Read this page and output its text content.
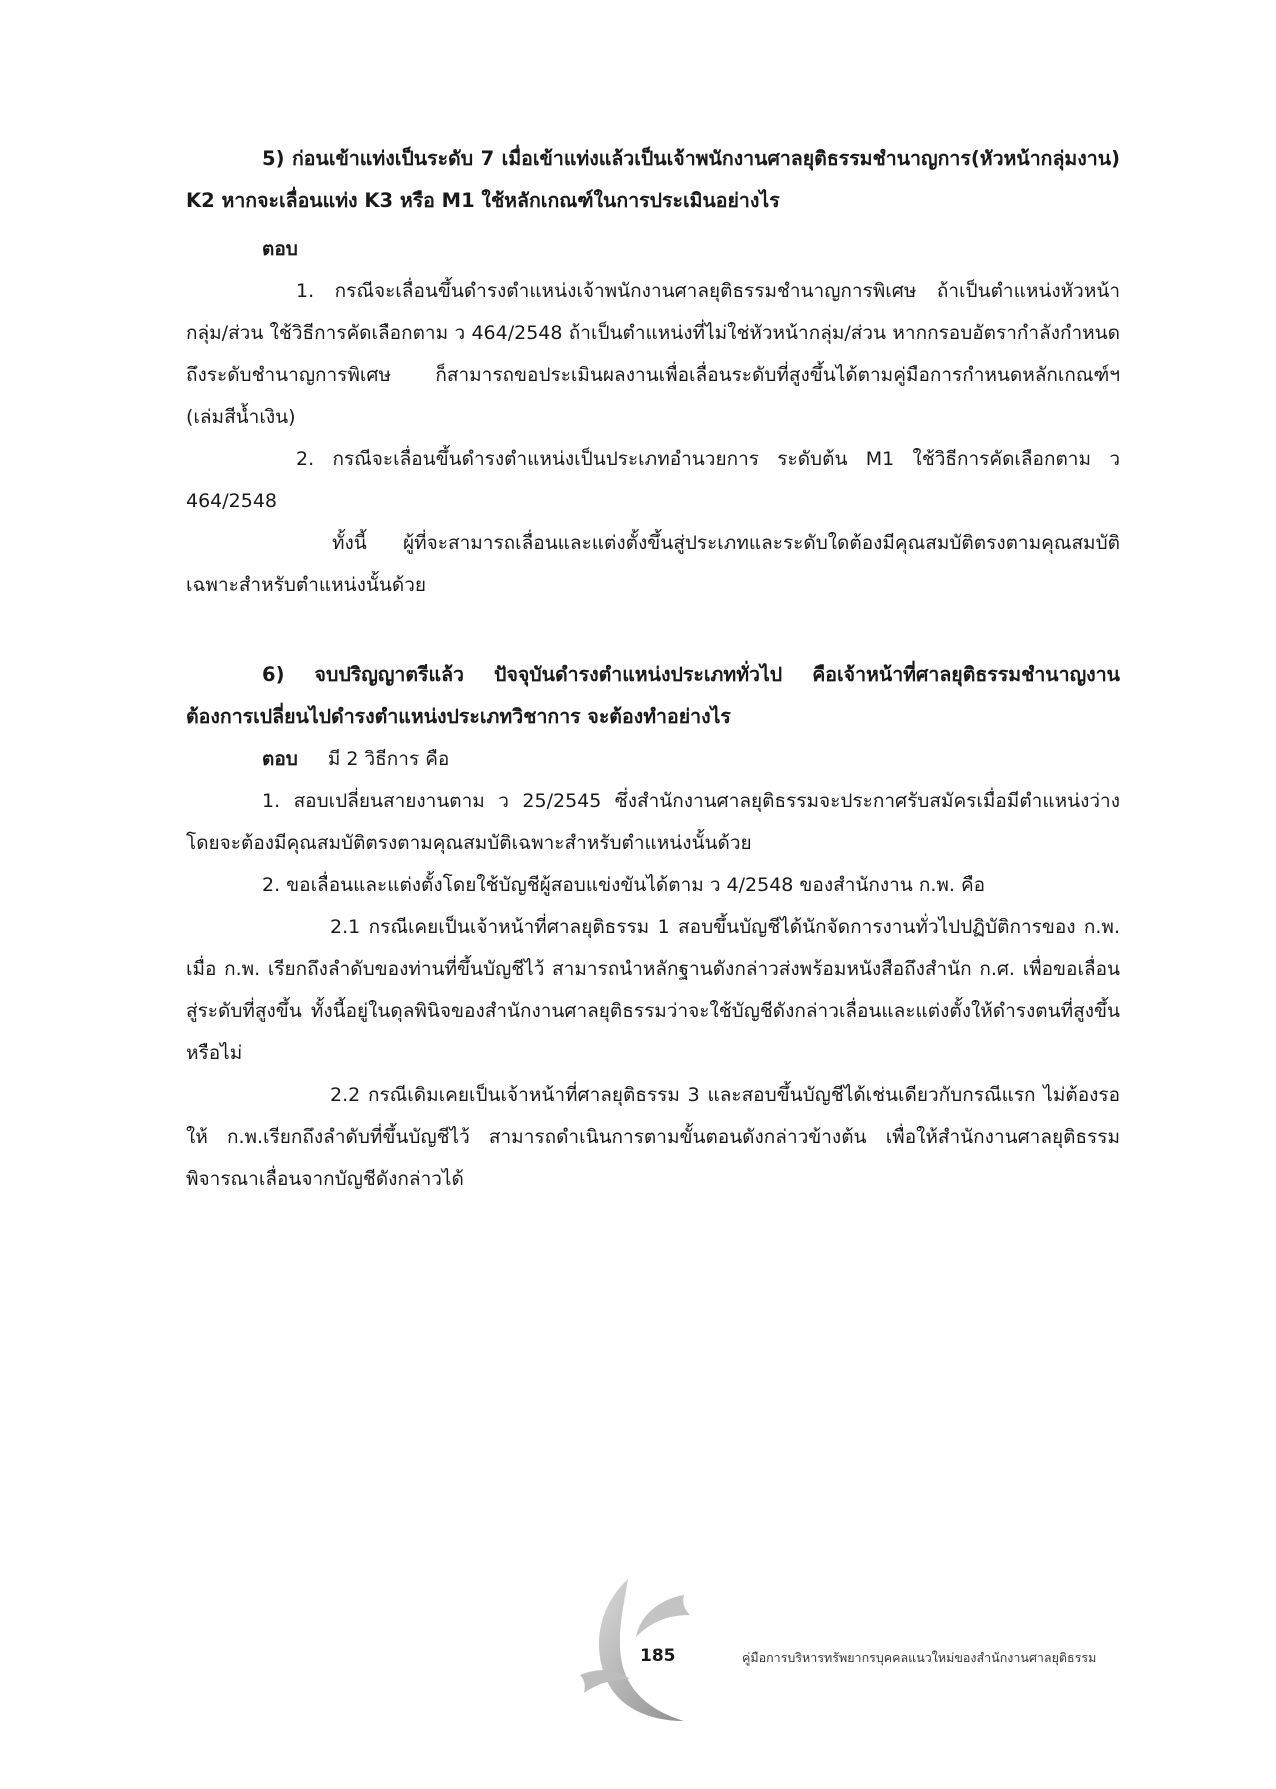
5) ก่อนเข้าแท่งเป็นระดับ 7 เมื่อเข้าแท่งแล้วเป็นเจ้าพนักงานศาลยุติธรรมชำนาญการ(หัวหน้ากลุ่มงาน) K2 หากจะเลื่อนแท่ง K3 หรือ M1 ใช้หลักเกณฑ์ในการประเมินอย่างไร

ตอบ

1. กรณีจะเลื่อนขึ้นดำรงตำแหน่งเจ้าพนักงานศาลยุติธรรมชำนาญการพิเศษ ถ้าเป็นตำแหน่งหัวหน้ากลุ่ม/ส่วน ใช้วิธีการคัดเลือกตาม ว 464/2548 ถ้าเป็นตำแหน่งที่ไม่ใช่หัวหน้ากลุ่ม/ส่วน หากกรอบอัตรากำลังกำหนดถึงระดับชำนาญการพิเศษ ก็สามารถขอประเมินผลงานเพื่อเลื่อนระดับที่สูงขึ้นได้ตามคู่มือการกำหนดหลักเกณฑ์ฯ (เล่มสีน้ำเงิน)

2. กรณีจะเลื่อนขึ้นดำรงตำแหน่งเป็นประเภทอำนวยการ ระดับต้น M1 ใช้วิธีการคัดเลือกตาม ว 464/2548

ทั้งนี้ ผู้ที่จะสามารถเลื่อนและแต่งตั้งขึ้นสู่ประเภทและระดับใดต้องมีคุณสมบัติตรงตามคุณสมบัติเฉพาะสำหรับตำแหน่งนั้นด้วย

6) จบปริญญาตรีแล้ว ปัจจุบันดำรงตำแหน่งประเภททั่วไป คือเจ้าหน้าที่ศาลยุติธรรมชำนาญงาน ต้องการเปลี่ยนไปดำรงตำแหน่งประเภทวิชาการ จะต้องทำอย่างไร

ตอบ มี 2 วิธีการ คือ

1. สอบเปลี่ยนสายงานตาม ว 25/2545 ซึ่งสำนักงานศาลยุติธรรมจะประกาศรับสมัครเมื่อมีตำแหน่งว่าง โดยจะต้องมีคุณสมบัติตรงตามคุณสมบัติเฉพาะสำหรับตำแหน่งนั้นด้วย

2. ขอเลื่อนและแต่งตั้งโดยใช้บัญชีผู้สอบแข่งขันได้ตาม ว 4/2548 ของสำนักงาน ก.พ. คือ

2.1 กรณีเคยเป็นเจ้าหน้าที่ศาลยุติธรรม 1 สอบขึ้นบัญชีได้นักจัดการงานทั่วไปปฏิบัติการของ ก.พ. เมื่อ ก.พ. เรียกถึงลำดับของท่านที่ขึ้นบัญชีไว้ สามารถนำหลักฐานดังกล่าวส่งพร้อมหนังสือถึงสำนัก ก.ศ. เพื่อขอเลื่อนสู่ระดับที่สูงขึ้น ทั้งนี้อยู่ในดุลพินิจของสำนักงานศาลยุติธรรมว่าจะใช้บัญชีดังกล่าวเลื่อนและแต่งตั้งให้ดำรงตนที่สูงขึ้นหรือไม่

2.2 กรณีเดิมเคยเป็นเจ้าหน้าที่ศาลยุติธรรม 3 และสอบขึ้นบัญชีได้เช่นเดียวกับกรณีแรก ไม่ต้องรอให้ ก.พ.เรียกถึงลำดับที่ขึ้นบัญชีไว้ สามารถดำเนินการตามขั้นตอนดังกล่าวข้างต้น เพื่อให้สำนักงานศาลยุติธรรมพิจารณาเลื่อนจากบัญชีดังกล่าวได้

185	คู่มือการบริหารทรัพยากรบุคคลแนวใหม่ของสำนักงานศาลยุติธรรม
